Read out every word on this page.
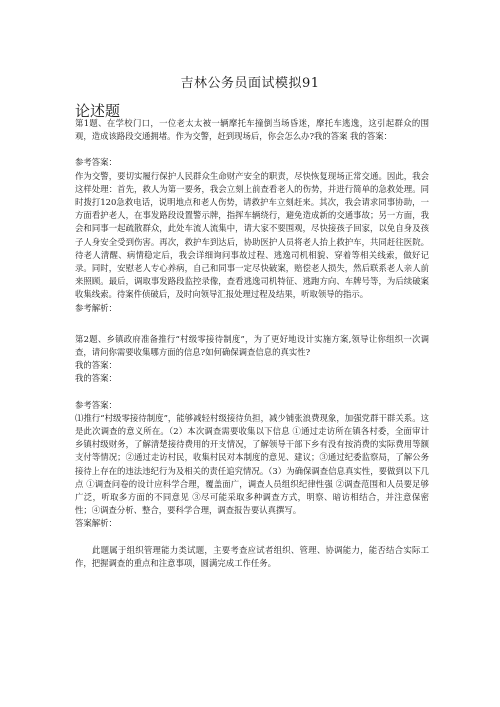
吉林公务员面试模拟91
论述题

第1题、在学校门口，一位老太太被一辆摩托车撞倒当场昏迷，摩托车逃逸，这引起群众的围观，造成该路段交通拥堵。作为交警，赶到现场后，你会怎么办?我的答案 我的答案：

参考答案：

作为交警，要切实履行保护人民群众生命财产安全的职责，尽快恢复现场正常交通。因此，我会这样处理：首先，救人为第一要务，我会立刻上前查看老人的伤势，并进行简单的急救处理。同时拨打120急救电话，说明地点和老人伤势，请救护车立刻赶来。其次，我会请求同事协助，一方面看护老人，在事发路段设置警示牌，指挥车辆绕行，避免造成新的交通事故；另一方面，我会和同事一起疏散群众，此处车流人流集中，请大家不要围观，尽快接孩子回家，以免自身及孩子人身安全受到伤害。再次，救护车到达后，协助医护人员将老人抬上救护车，共同赶往医院。待老人清醒、病情稳定后，我会详细询问事故过程、逃逸司机相貌、穿着等相关线索，做好记录。同时，安慰老人专心养病，自己和同事一定尽快破案，赔偿老人损失，然后联系老人亲人前来照顾。最后，调取事发路段监控录像，查看逃逸司机特征、逃跑方向、车牌号等，为后续破案收集线索。待案件侦破后，及时向领导汇报处理过程及结果，听取领导的指示。

参考解析：

第2题、乡镇政府准备推行“村级零接待制度”，为了更好地设计实施方案,领导让你组织一次调查，请问你需要收集哪方面的信息?如何确保调查信息的真实性?

我的答案：

我的答案：

参考答案：

⑴推行“村级零接待制度”，能够减轻村级接待负担，减少铺张浪费现象，加强党群干群关系。这是此次调查的意义所在。（2）本次调查需要收集以下信息 ①通过走访所在镇各村委，全面审计乡镇村级财务，了解清楚接待费用的开支情况，了解领导干部下乡有没有按消费的实际费用等额支付等情况；②通过走访村民，收集村民对本制度的意见、建议；③通过纪委监察局，了解公务接待上存在的违法违纪行为及相关的责任追究情况。（3）为确保调查信息真实性，要做到以下几点 ①调查问卷的设计应科学合理，覆盖面广，调查人员组织纪律性强 ②调查范围和人员要足够广泛，听取多方面的不同意见 ③尽可能采取多种调查方式，明察、暗访相结合，并注意保密性；④调查分析、整合，要科学合理，调查报告要认真撰写。

答案解析：

此题属于组织管理能力类试题，主要考查应试者组织、管理、协调能力，能否结合实际工作，把握调查的重点和注意事项，圆满完成工作任务。
